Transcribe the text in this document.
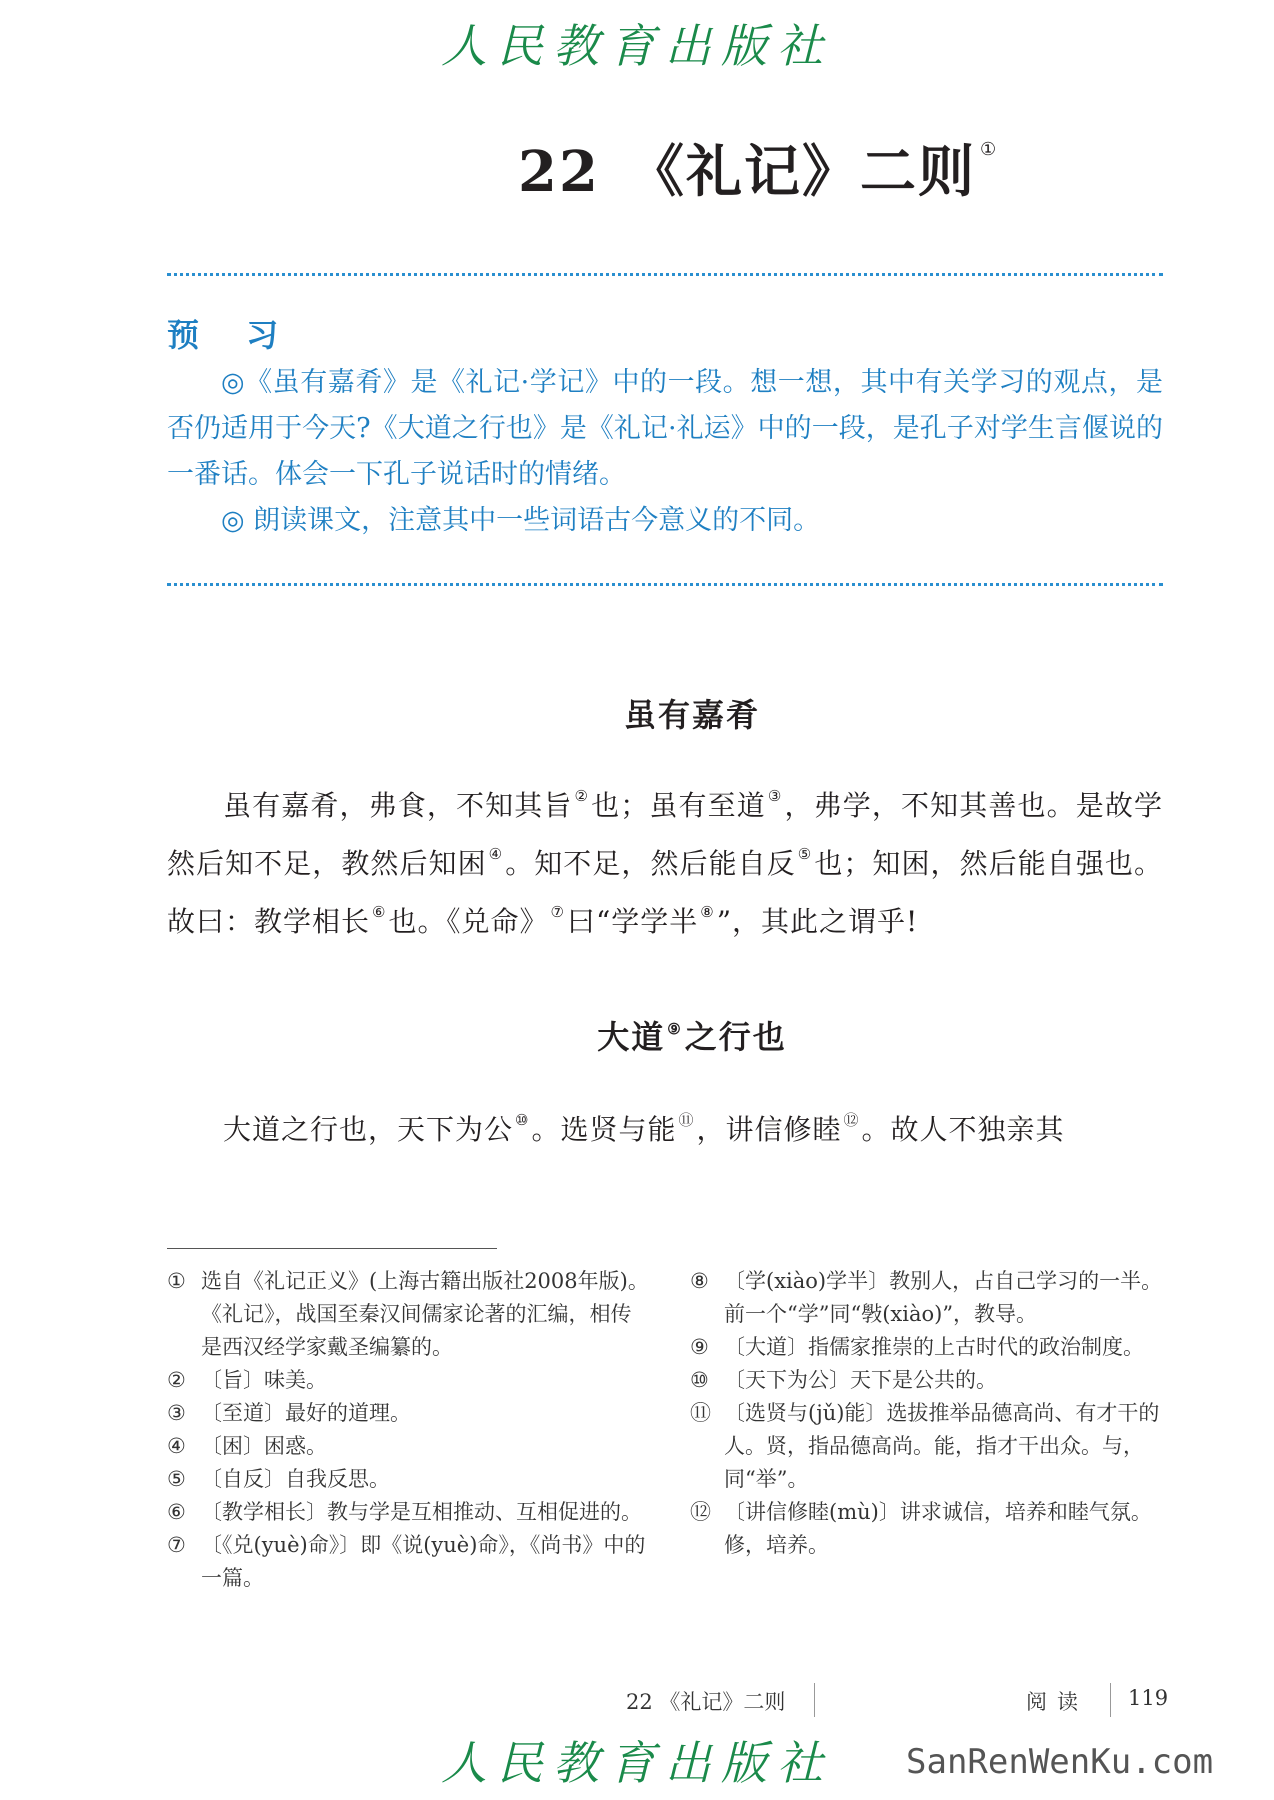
人民教育出版社
22 《礼记》二则 ①
预 习

◎《虽有嘉肴》是《礼记·学记》中的一段。想一想，其中有关学习的观点，是否仍适用于今天?《大道之行也》是《礼记·礼运》中的一段，是孔子对学生言偃说的一番话。体会一下孔子说话时的情绪。

◎ 朗读课文，注意其中一些词语古今意义的不同。

虽有嘉肴

虽有嘉肴，弗食，不知其旨 ②也；虽有至道 ③，弗学，不知其善也。是故学然后知不足，教然后知困 ④。知不足，然后能自反 ⑤也；知困，然后能自强也。故曰：教学相长 ⑥也。《兑命》 ⑦曰“学学半 ⑧”，其此之谓乎!

大道 ⑨之行也

大道之行也，天下为公 ⑩。选贤与能 ⑪，讲信修睦 ⑫。故人不独亲其

① 选自《礼记正义》(上海古籍出版社2008年版)。《礼记》，战国至秦汉间儒家论著的汇编，相传是西汉经学家戴圣编纂的。
② 〔旨〕味美。
③ 〔至道〕最好的道理。
④ 〔困〕困惑。
⑤ 〔自反〕自我反思。
⑥ 〔教学相长〕教与学是互相推动、互相促进的。
⑦ 〔《兑(yuè)命》〕即《说(yuè)命》，《尚书》中的一篇。
⑧ 〔学(xiào)学半〕教别人，占自己学习的一半。前一个“学”同“斅(xiào)”，教导。
⑨ 〔大道〕指儒家推崇的上古时代的政治制度。
⑩ 〔天下为公〕天下是公共的。
⑪ 〔选贤与(jǔ)能〕选拔推举品德高尚、有才干的人。贤，指品德高尚。能，指才干出众。与，同“举”。
⑫ 〔讲信修睦(mù)〕讲求诚信，培养和睦气氛。修，培养。
22 《礼记》二则	阅读 119
人民教育出版社	SanRenWenKu.com
